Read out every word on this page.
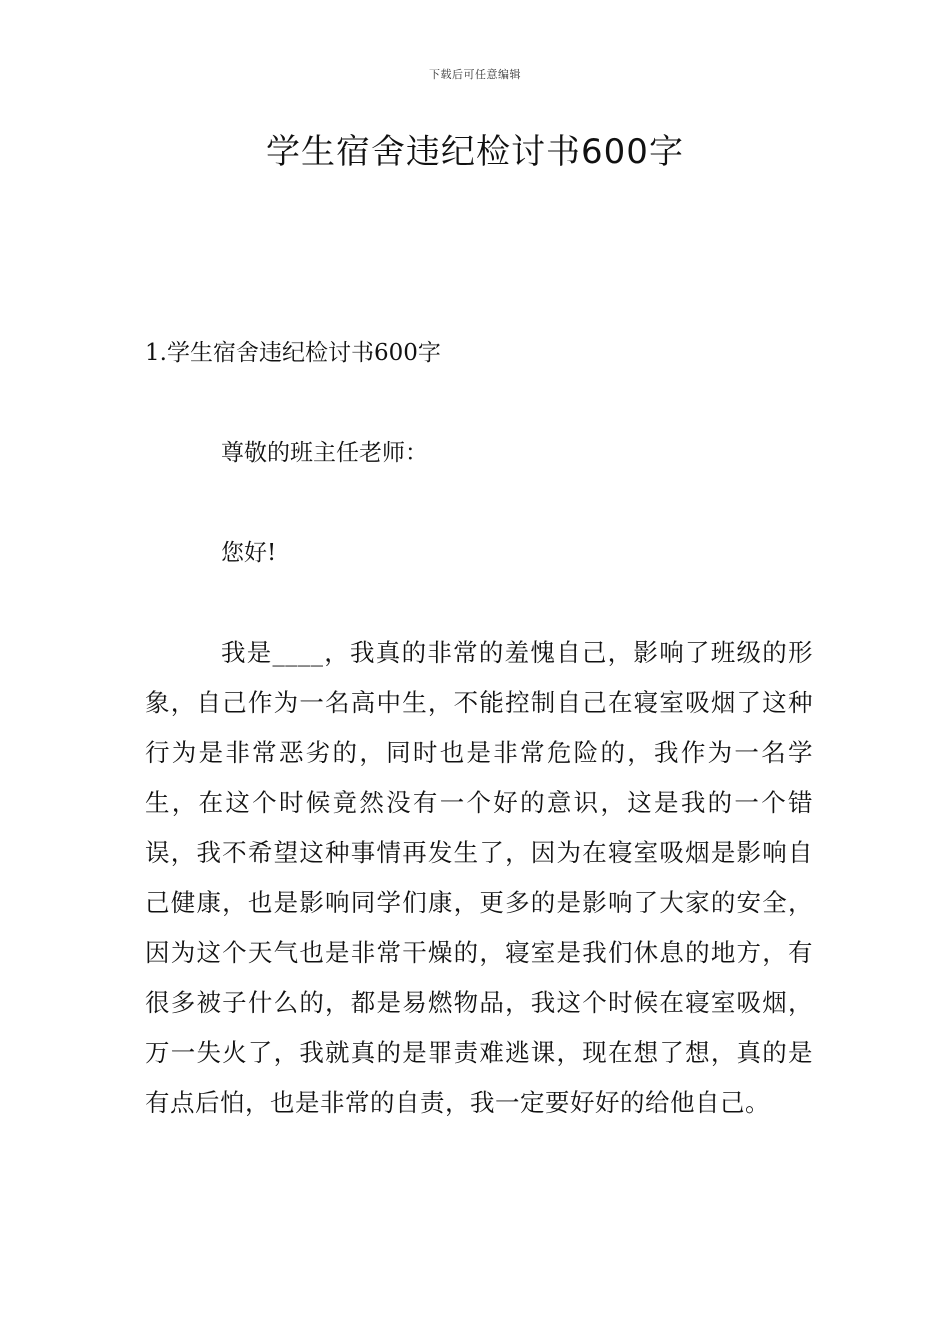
下载后可任意编辑
学生宿舍违纪检讨书600字
1.学生宿舍违纪检讨书600字
尊敬的班主任老师：
您好!

我是____，我真的非常的羞愧自己，影响了班级的形象，自己作为一名高中生，不能控制自己在寝室吸烟了这种行为是非常恶劣的，同时也是非常危险的，我作为一名学生，在这个时候竟然没有一个好的意识，这是我的一个错误，我不希望这种事情再发生了，因为在寝室吸烟是影响自己健康，也是影响同学们康，更多的是影响了大家的安全，因为这个天气也是非常干燥的，寝室是我们休息的地方，有很多被子什么的，都是易燃物品，我这个时候在寝室吸烟，万一失火了，我就真的是罪责难逃课，现在想了想，真的是有点后怕，也是非常的自责，我一定要好好的给他自己。
